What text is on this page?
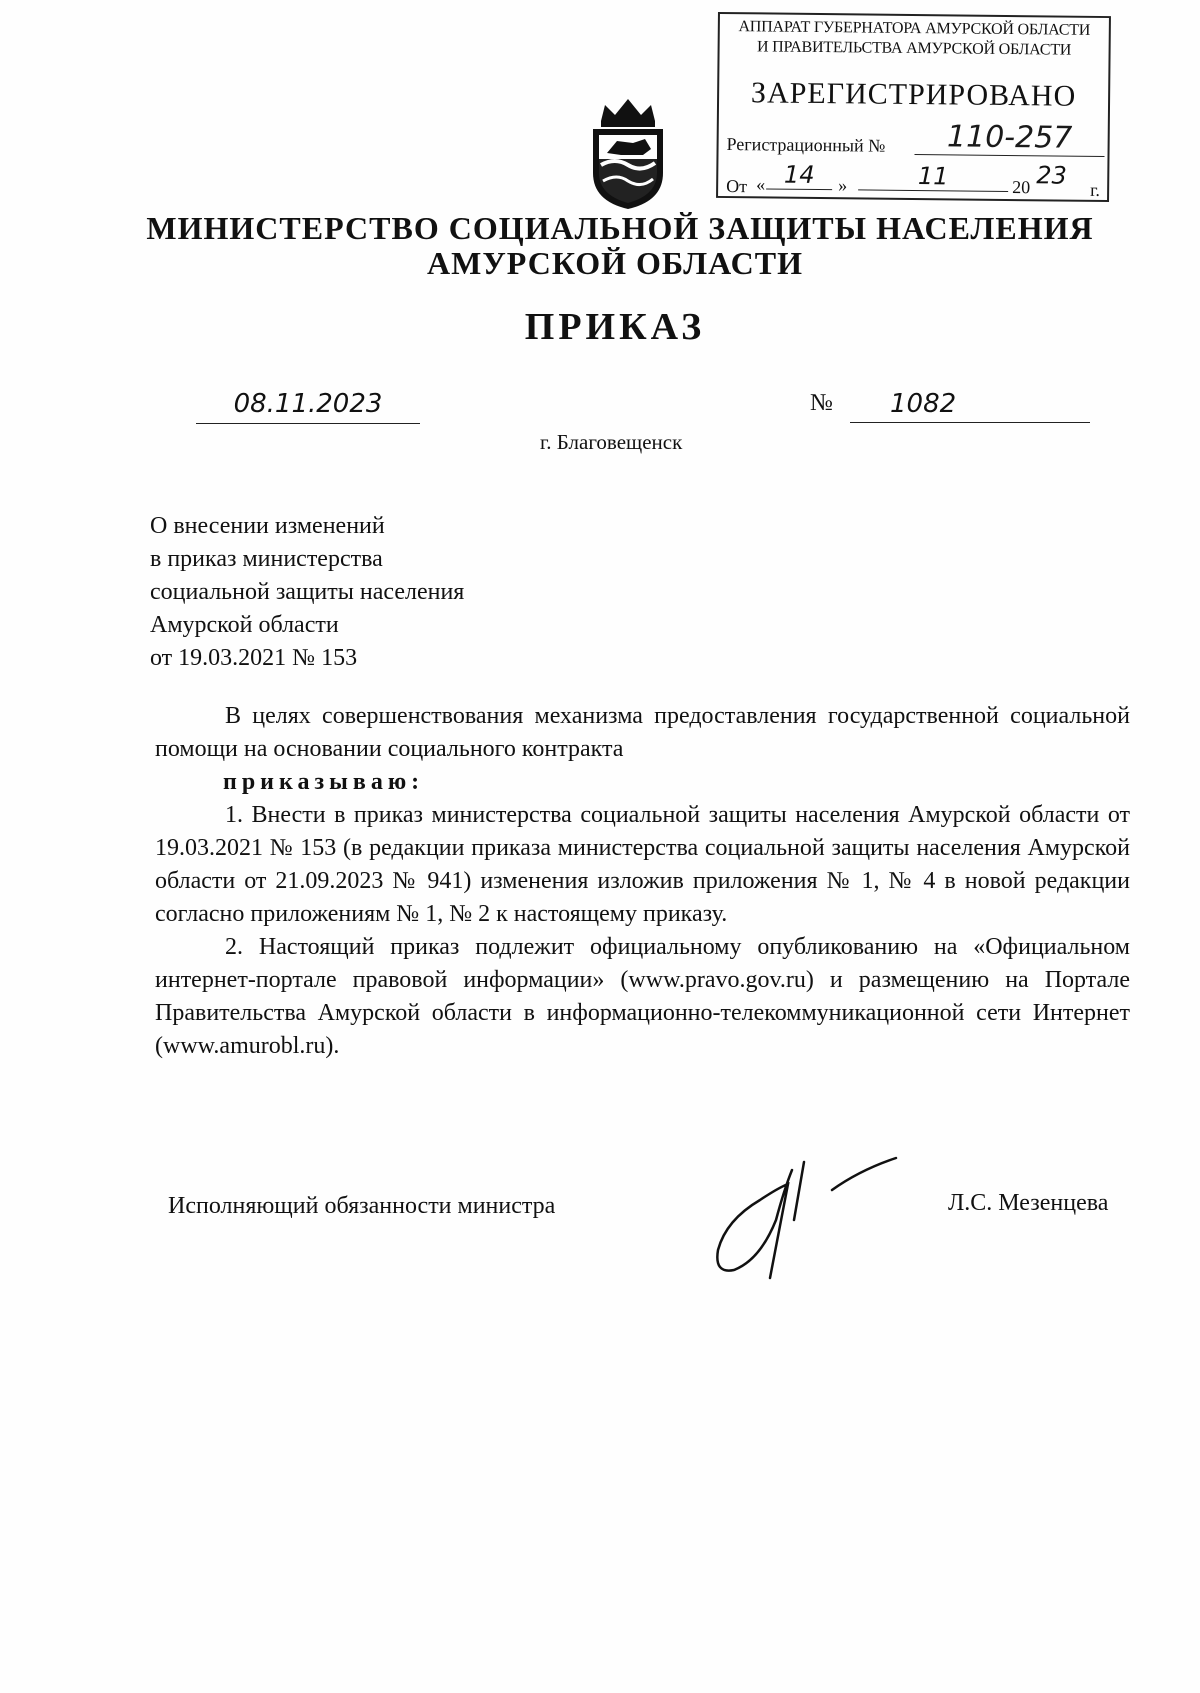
АППАРАТ ГУБЕРНАТОРА АМУРСКОЙ ОБЛАСТИ
И ПРАВИТЕЛЬСТВА АМУРСКОЙ ОБЛАСТИ
ЗАРЕГИСТРИРОВАНО
Регистрационный №	110-257
От « 14	»	11	20 23
г.
МИНИСТЕРСТВО СОЦИАЛЬНОЙ ЗАЩИТЫ НАСЕЛЕНИЯ
АМУРСКОЙ ОБЛАСТИ
ПРИКАЗ
08.11.2023	№	1082
г. Благовещенск
О внесении изменений
в приказ министерства
социальной защиты населения
Амурской области
от 19.03.2021 № 153

В целях совершенствования механизма предоставления государственной социальной помощи на основании социального контракта

приказываю:

1. Внести в приказ министерства социальной защиты населения Амурской области от 19.03.2021 № 153 (в редакции приказа министерства социальной защиты населения Амурской области от 21.09.2023 № 941) изменения изложив приложения № 1, № 4 в новой редакции согласно приложениям № 1, № 2 к настоящему приказу.

2. Настоящий приказ подлежит официальному опубликованию на «Официальном интернет-портале правовой информации» (www.pravo.gov.ru) и размещению на Портале Правительства Амурской области в информационно-телекоммуникационной сети Интернет (www.amurobl.ru).

Исполняющий обязанности министра	Л.С. Мезенцева
